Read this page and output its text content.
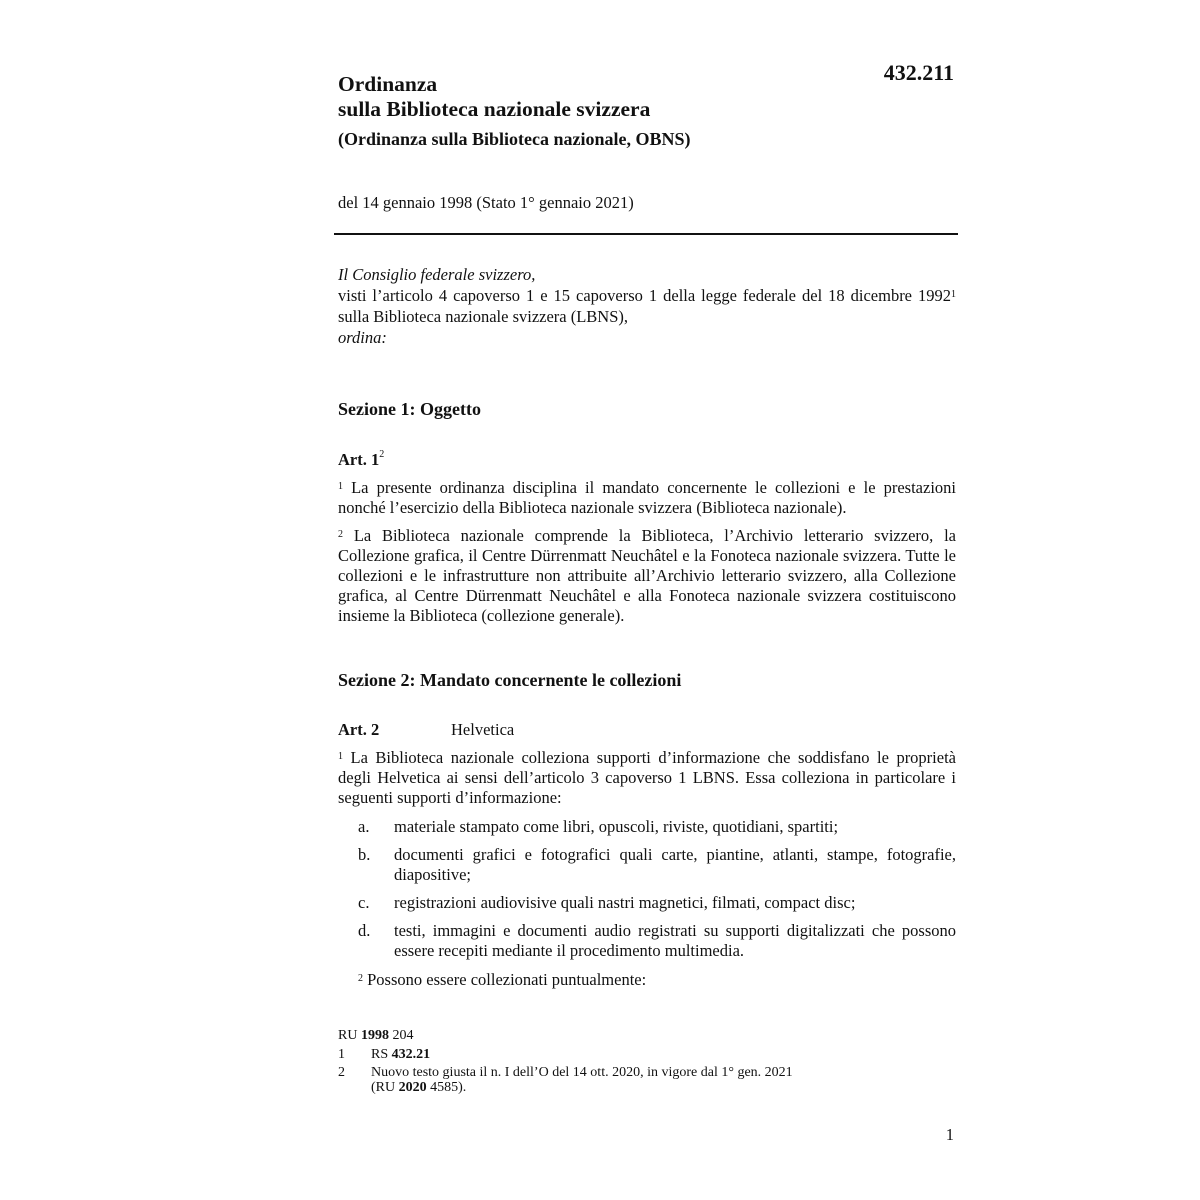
432.211
Ordinanza
sulla Biblioteca nazionale svizzera
(Ordinanza sulla Biblioteca nazionale, OBNS)
del 14 gennaio 1998 (Stato 1° gennaio 2021)

Il Consiglio federale svizzero,

visti l’articolo 4 capoverso 1 e 15 capoverso 1 della legge federale del 18 dicembre 1992$^1$ sulla Biblioteca nazionale svizzera (LBNS),

ordina:

Sezione 1: Oggetto
Art. $1^2$

$^1$ La presente ordinanza disciplina il mandato concernente le collezioni e le prestazioni nonché l’esercizio della Biblioteca nazionale svizzera (Biblioteca nazionale).

$^2$ La Biblioteca nazionale comprende la Biblioteca, l’Archivio letterario svizzero, la Collezione grafica, il Centre Dürrenmatt Neuchâtel e la Fonoteca nazionale svizzera. Tutte le collezioni e le infrastrutture non attribuite all’Archivio letterario svizzero, alla Collezione grafica, al Centre Dürrenmatt Neuchâtel e alla Fonoteca nazionale svizzera costituiscono insieme la Biblioteca (collezione generale).

Sezione 2: Mandato concernente le collezioni
Art. 2	Helvetica

$^1$ La Biblioteca nazionale colleziona supporti d’informazione che soddisfano le proprietà degli Helvetica ai sensi dell’articolo 3 capoverso 1 LBNS. Essa colleziona in particolare i seguenti supporti d’informazione:

a. materiale stampato come libri, opuscoli, riviste, quotidiani, spartiti;
b. documenti grafici e fotografici quali carte, piantine, atlanti, stampe, fotografie, diapositive;
c. registrazioni audiovisive quali nastri magnetici, filmati, compact disc;
d. testi, immagini e documenti audio registrati su supporti digitalizzati che possono essere recepiti mediante il procedimento multimedia.
$^2$ Possono essere collezionati puntualmente:
RU 1998 204
1 RS 432.21
2 Nuovo testo giusta il n. I dell’O del 14 ott. 2020, in vigore dal 1° gen. 2021
(RU 2020 4585).
1
